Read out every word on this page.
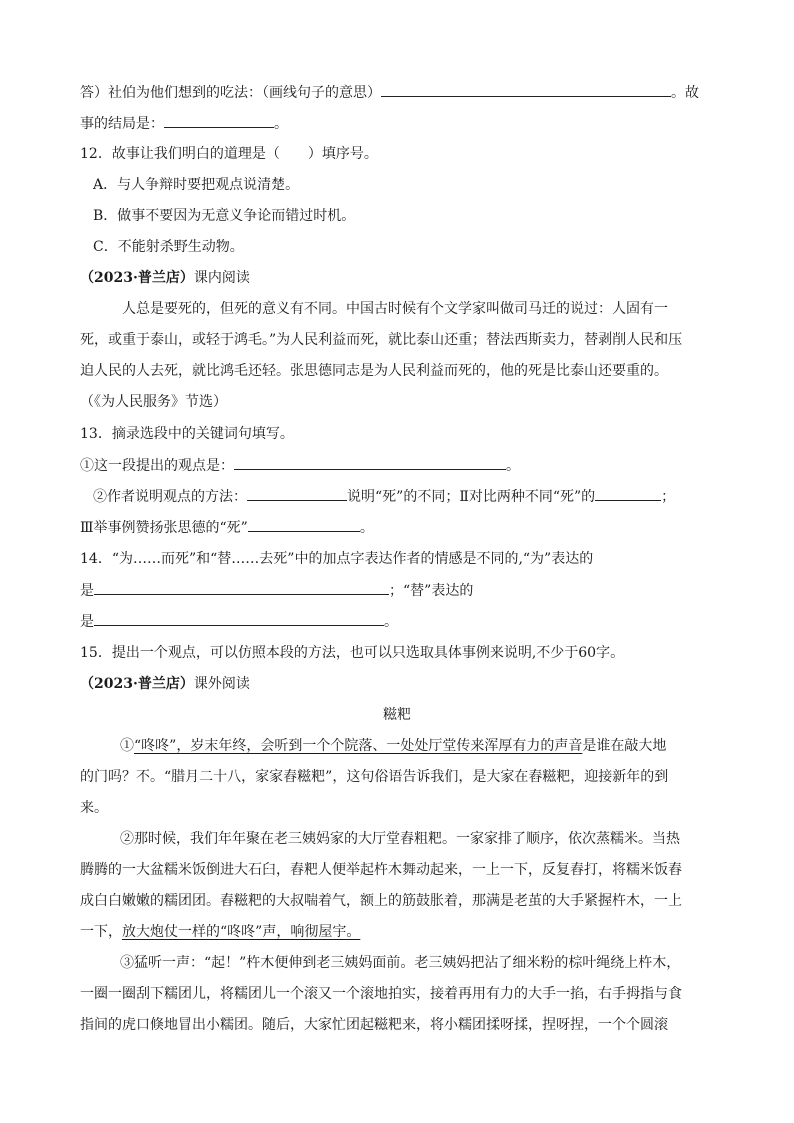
答）社伯为他们想到的吃法：（画线句子的意思）	。故
事的结局是：	。
12．故事让我们明白的道理是（　　）填序号。
A．与人争辩时要把观点说清楚。
B．做事不要因为无意义争论而错过时机。
C．不能射杀野生动物。
（2023·普兰店）课内阅读
人总是要死的，但死的意义有不同。中国古时候有个文学家叫做司马迁的说过：人固有一
死，或重于泰山，或轻于鸿毛。”为人民利益而死，就比泰山还重；替法西斯卖力，替剥削人民和压
迫人民的人去死，就比鸿毛还轻。张思德同志是为人民利益而死的，他的死是比泰山还要重的。
（《为人民服务》节选）
13．摘录选段中的关键词句填写。
①这一段提出的观点是：	。
②作者说明观点的方法：	说明“死”的不同；Ⅱ对比两种不同“死”的	；
Ⅲ举事例赞扬张思德的“死”	。
14．“为……而死”和“替……去死”中的加点字表达作者的情感是不同的,“为”表达的
是	；“替”表达的
是	。
15．提出一个观点，可以仿照本段的方法，也可以只选取具体事例来说明,不少于60字。
（2023·普兰店）课外阅读
糍粑
①“咚咚”，岁末年终，会听到一个个院落、一处处厅堂传来浑厚有力的声音是谁在敲大地
的门吗？不。“腊月二十八，家家舂糍粑”，这句俗语告诉我们，是大家在舂糍粑，迎接新年的到
来。
②那时候，我们年年聚在老三姨妈家的大厅堂舂粗粑。一家家排了顺序，依次蒸糯米。当热
腾腾的一大盆糯米饭倒进大石臼，舂粑人便举起杵木舞动起来，一上一下，反复舂打，将糯米饭舂
成白白嫩嫩的糯团团。舂糍粑的大叔喘着气，额上的筋鼓胀着，那满是老茧的大手紧握杵木，一上
一下，放大炮仗一样的“咚咚”声，响彻屋宇。
③猛听一声：“起！”杵木便伸到老三姨妈面前。老三姨妈把沾了细米粉的棕叶绳绕上杵木，
一圈一圈刮下糯团儿，将糯团儿一个滚又一个滚地拍实，接着再用有力的大手一掐，右手拇指与食
指间的虎口倏地冒出小糯团。随后，大家忙团起糍粑来，将小糯团揉呀揉，捏呀捏，一个个圆滚
